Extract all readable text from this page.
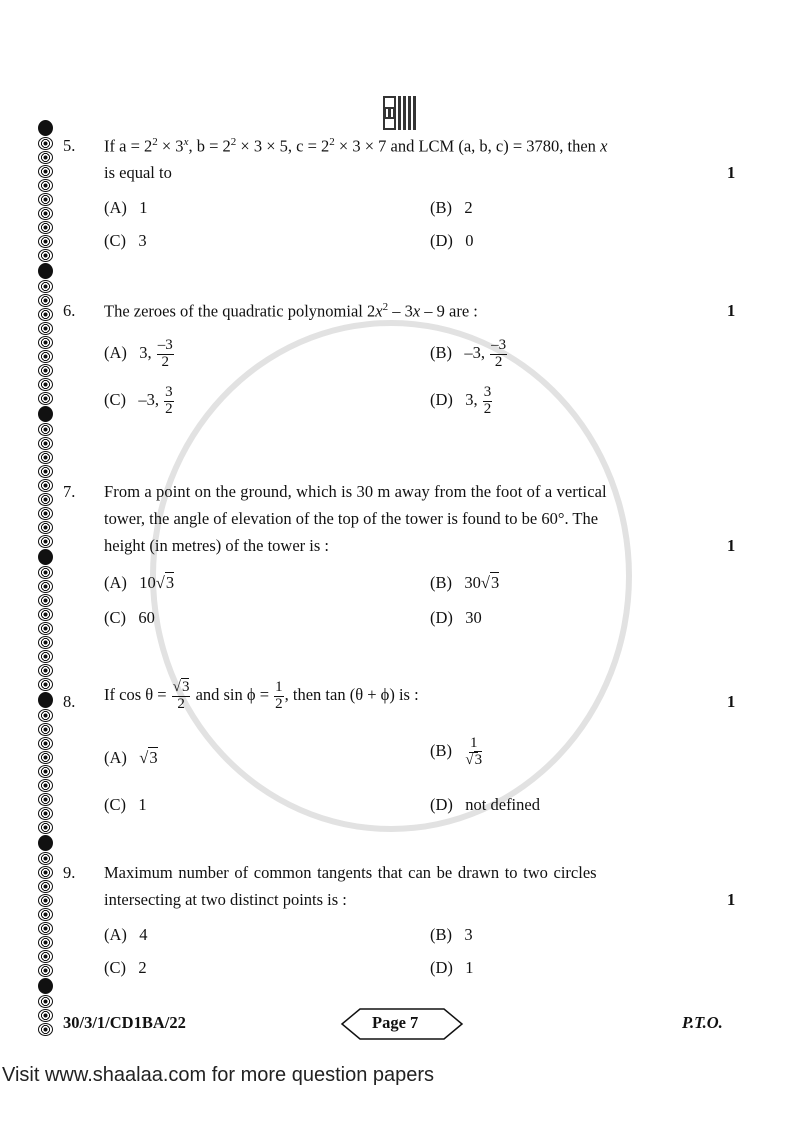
5. If $a = 2^2 \times 3^x$, $b = 2^2 \times 3 \times 5$, $c = 2^2 \times 3 \times 7$ and LCM (a, b, c) = 3780, then x
is equal to	1
(A) 1	(B) 2
(C) 3	(D) 0
6. The zeroes of the quadratic polynomial $2x^2 - 3x - 9$ are :	1
(A) 3, $\frac{-3}{2}$	(B) –3, $\frac{-3}{2}$
(C) –3, $\frac{3}{2}$	(D) 3, $\frac{3}{2}$
7. From a point on the ground, which is 30 m away from the foot of a vertical
tower, the angle of elevation of the top of the tower is found to be 60°. The
height (in metres) of the tower is :	1
(A) 10√3	(B) 30√3
(C) 60	(D) 30
8. If $\cos \theta = \frac{√3}{2}$ and $\sin \phi = \frac{1}{2}$ , then tan (θ + ϕ) is :	1
(A)   √3	$(B) \frac{1}{√3}$
(C) 1	(D) not defined
9. Maximum number of common tangents that can be drawn to two circles
intersecting at two distinct points is :	1
(A) 4	(B) 3
(C) 2	(D) 1
30/3/1/CD1BA/22	Page 7	P.T.O.
Visit www.shaalaa.com for more question papers
